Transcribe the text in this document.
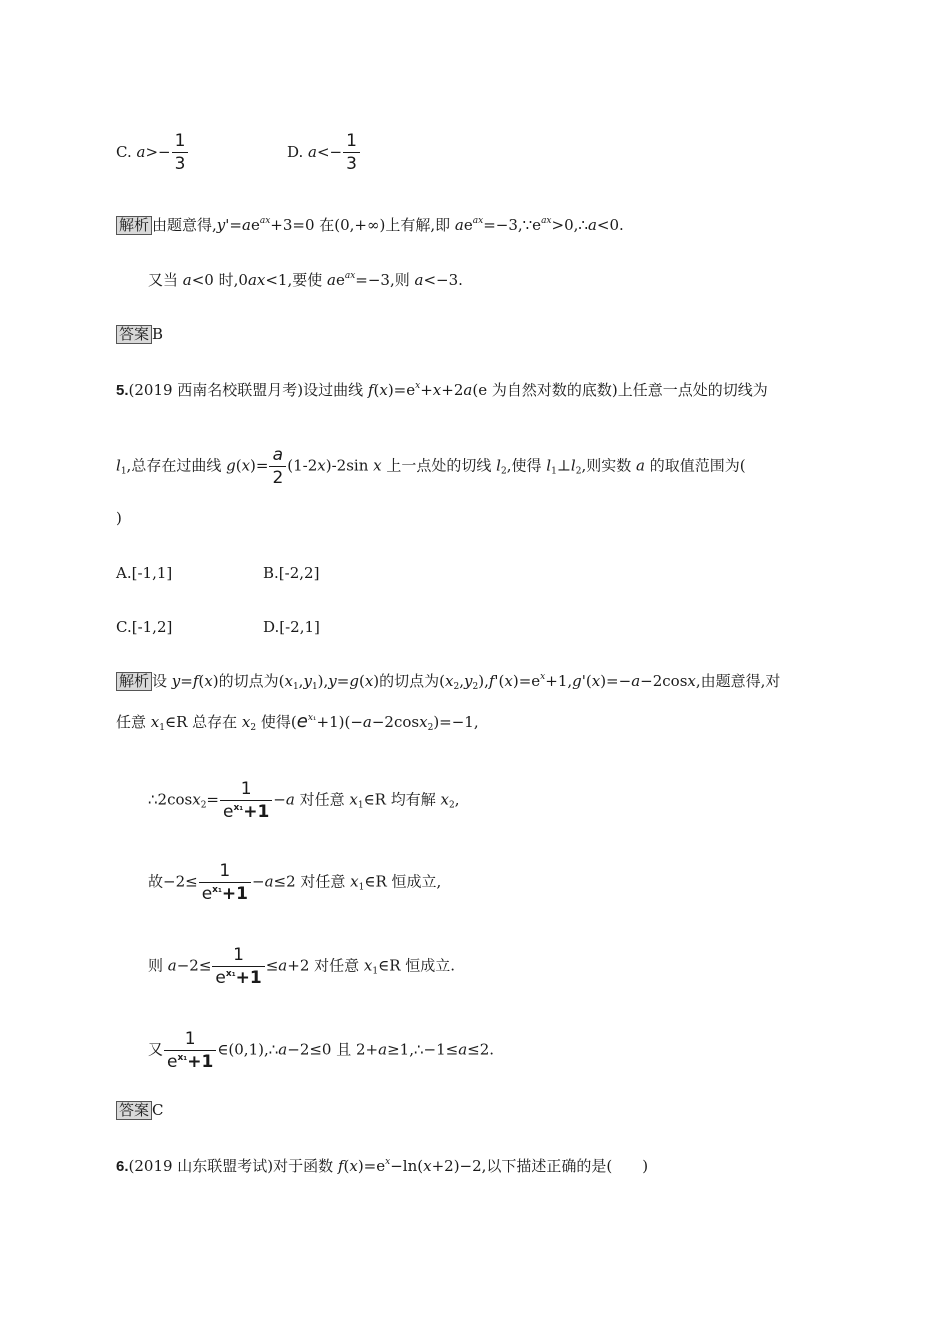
C. $a>- \frac{1}{3}$	D. $a<- \frac{1}{3}$
解析 由题意得$,y'=ae^{ax}+3=0$ 在(0,+∞)上有解,即 $ae^{ax}=-3,\because e^{ax}>0,\therefore a<0$.
又当 a<0 时,0ax<1,要使 $ae^{ax}=-3$,则 a<−3.
答案 B
5.(2019 西南名校联盟月考)设过曲线 $f(x)=e^x+x+2a(e$ 为自然对数的底数)上任意一点处的切线为
$l_1$,总存在过曲线 $g(x)= \frac{a}{2} (1-2x)-2\sin$ x 上一点处的切线 $l_2$,使得 $l_1\perp l_2$,则实数 a 的取值范围为(
)
A.[-1,1]	B.[-2,2]
C.[-1,2]	D.[-2,1]
解析 设 y=f(x)的切点为$(x_1,y_1),y=g(x)$的切点为$(x_2,y_2),f'(x)=e^x+1,g'(x)=-a-2\cos x$,由题意得,对
任意 $x_1\in R$ 总存在 $x_2$ 使得$(e^{x_1}+1)(-a-2\cos x_2)=-1$,
∴2cosx$_2$= $\frac{1}{e^{x_1}+1} -a$ 对任意 $x_1\in R$ 均有解 $x_2$,
故$-2\le \frac{1}{e^{x_1}+1} -a\le 2$ 对任意 $x_1\in R$ 恒成立,
则 $a-2\le \frac{1}{e^{x_1}+1} \le a+2$ 对任意 $x_1\in R$ 恒成立.
又 $\frac{1}{e^{x_1}+1}$ ∈(0,1),∴a−2≤0 且 2+a≥1,∴−1≤a≤2.
答案 C
6.(2019 山东联盟考试)对于函数 $f(x)=e^x-\ln(x+2)-2$,以下描述正确的是(  )
